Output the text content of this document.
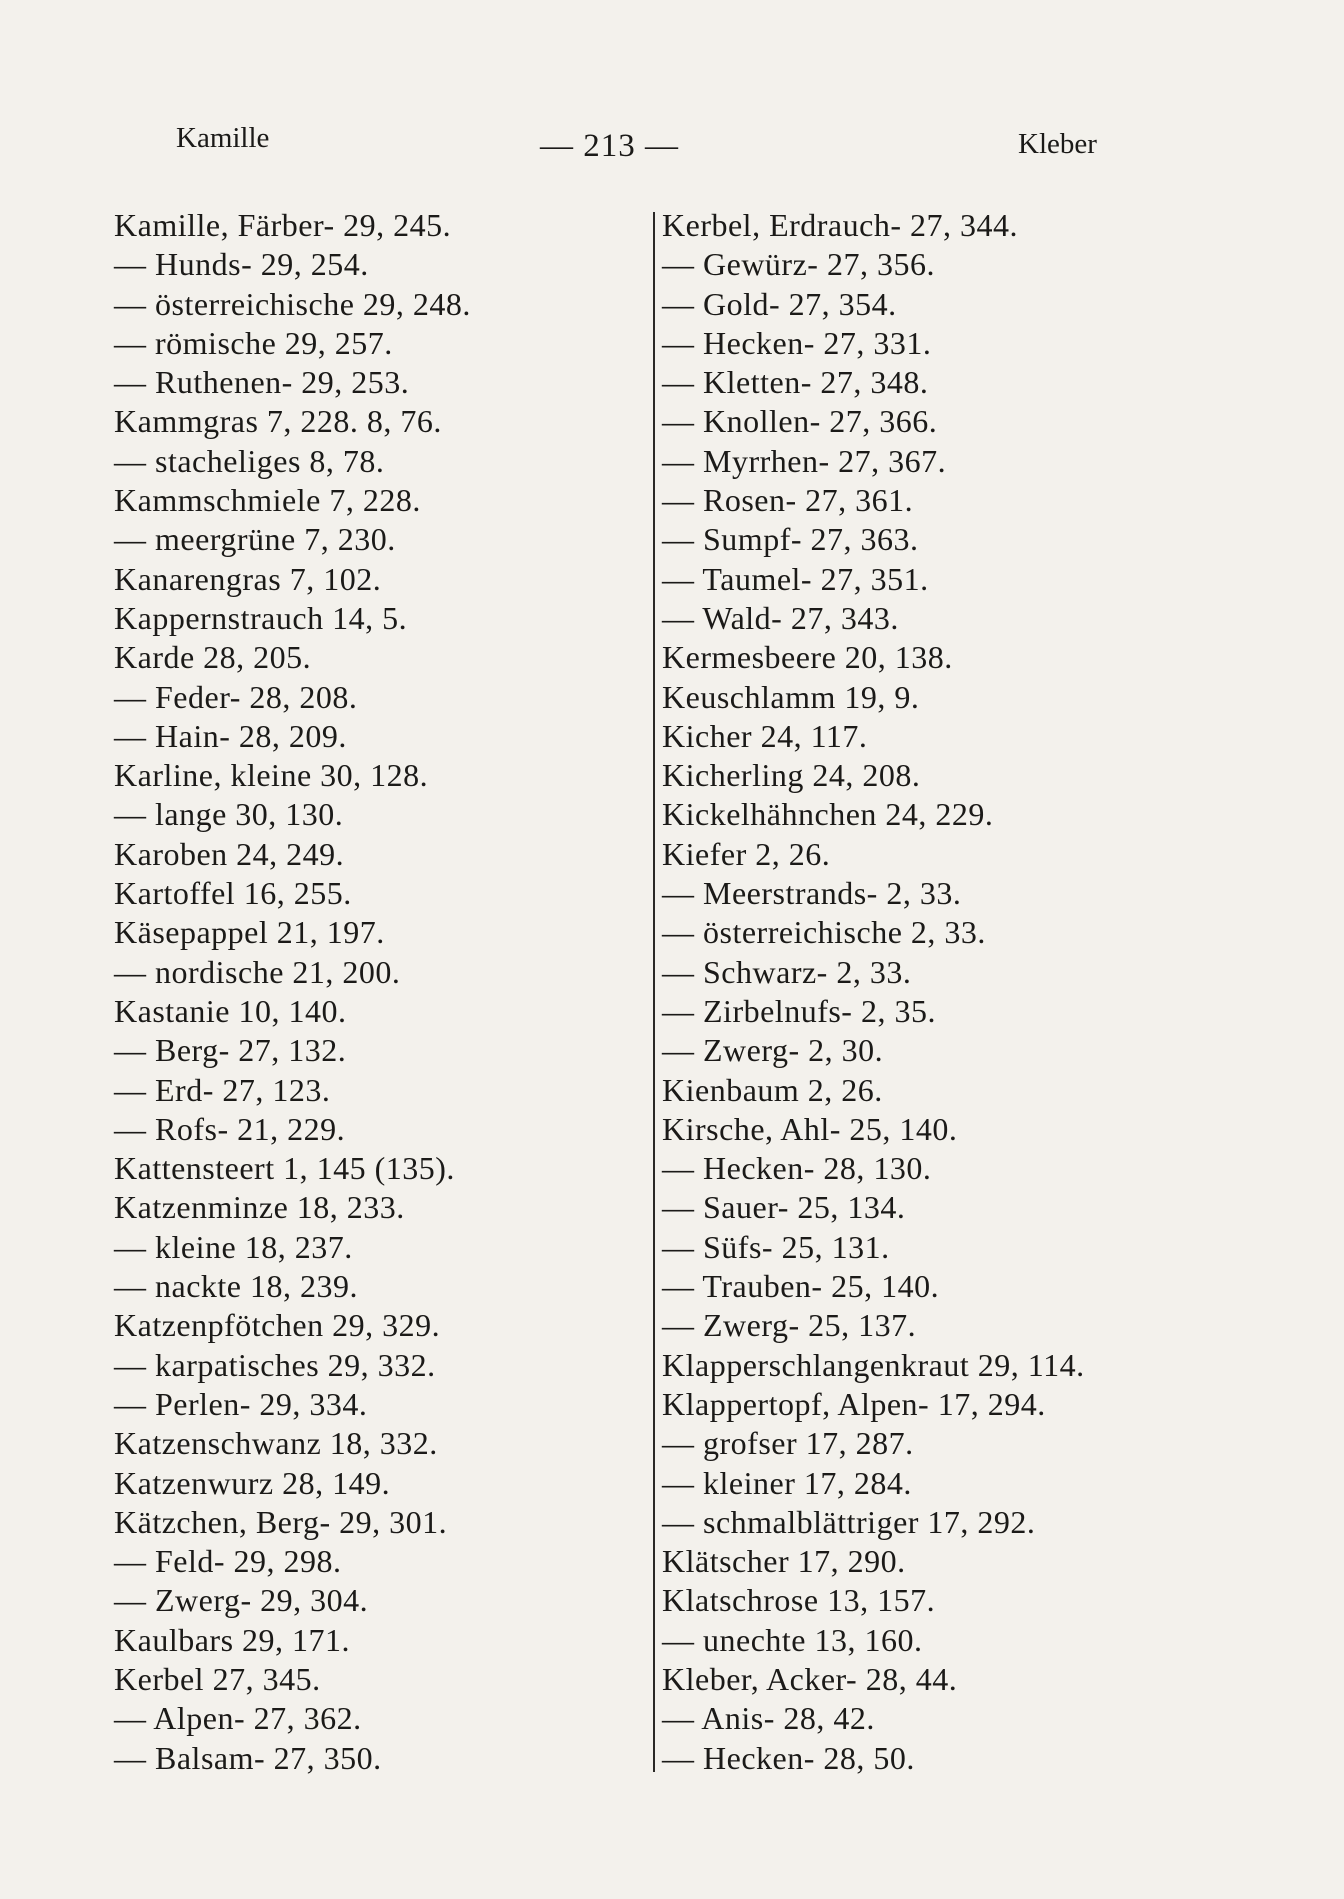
Kamille	— 213 —	Kleber
Kamille, Färber- 29, 245.
— Hunds- 29, 254.
— österreichische 29, 248.
— römische 29, 257.
— Ruthenen- 29, 253.
Kammgras 7, 228. 8, 76.
— stacheliges 8, 78.
Kammschmiele 7, 228.
— meergrüne 7, 230.
Kanarengras 7, 102.
Kappernstrauch 14, 5.
Karde 28, 205.
— Feder- 28, 208.
— Hain- 28, 209.
Karline, kleine 30, 128.
— lange 30, 130.
Karoben 24, 249.
Kartoffel 16, 255.
Käsepappel 21, 197.
— nordische 21, 200.
Kastanie 10, 140.
— Berg- 27, 132.
— Erd- 27, 123.
— Rofs- 21, 229.
Kattensteert 1, 145 (135).
Katzenminze 18, 233.
— kleine 18, 237.
— nackte 18, 239.
Katzenpfötchen 29, 329.
— karpatisches 29, 332.
— Perlen- 29, 334.
Katzenschwanz 18, 332.
Katzenwurz 28, 149.
Kätzchen, Berg- 29, 301.
— Feld- 29, 298.
— Zwerg- 29, 304.
Kaulbars 29, 171.
Kerbel 27, 345.
— Alpen- 27, 362.
— Balsam- 27, 350.
Kerbel, Erdrauch- 27, 344.
— Gewürz- 27, 356.
— Gold- 27, 354.
— Hecken- 27, 331.
— Kletten- 27, 348.
— Knollen- 27, 366.
— Myrrhen- 27, 367.
— Rosen- 27, 361.
— Sumpf- 27, 363.
— Taumel- 27, 351.
— Wald- 27, 343.
Kermesbeere 20, 138.
Keuschlamm 19, 9.
Kicher 24, 117.
Kicherling 24, 208.
Kickelhähnchen 24, 229.
Kiefer 2, 26.
— Meerstrands- 2, 33.
— österreichische 2, 33.
— Schwarz- 2, 33.
— Zirbelnufs- 2, 35.
— Zwerg- 2, 30.
Kienbaum 2, 26.
Kirsche, Ahl- 25, 140.
— Hecken- 28, 130.
— Sauer- 25, 134.
— Süfs- 25, 131.
— Trauben- 25, 140.
— Zwerg- 25, 137.
Klapperschlangenkraut 29, 114.
Klappertopf, Alpen- 17, 294.
— grofser 17, 287.
— kleiner 17, 284.
— schmalblättriger 17, 292.
Klätscher 17, 290.
Klatschrose 13, 157.
— unechte 13, 160.
Kleber, Acker- 28, 44.
— Anis- 28, 42.
— Hecken- 28, 50.
